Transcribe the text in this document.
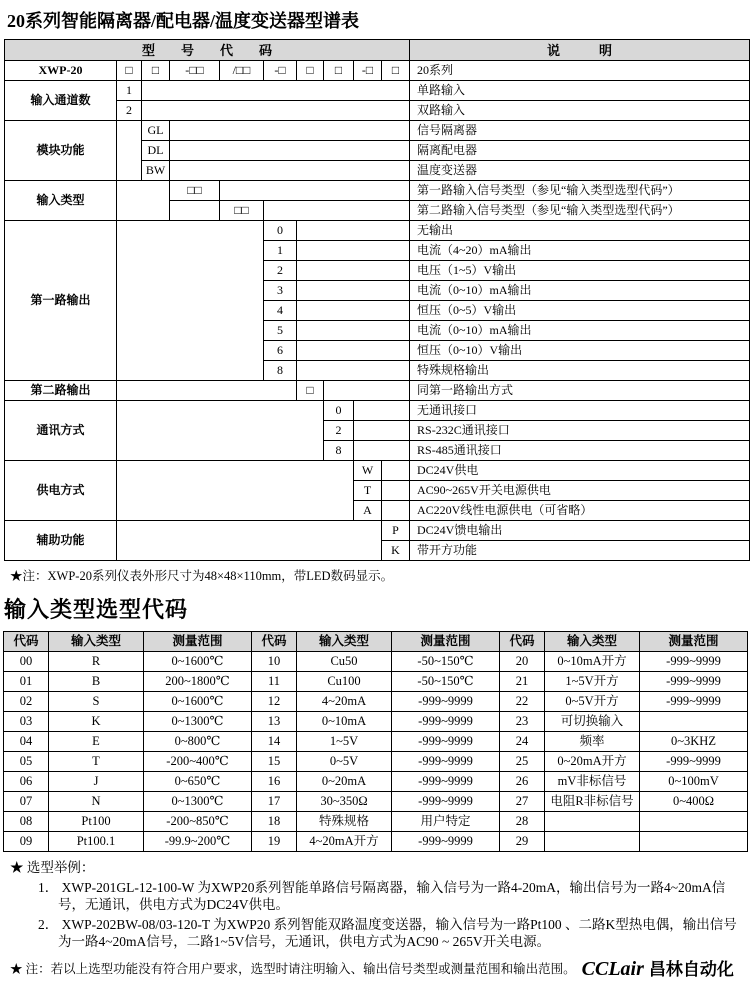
20系列智能隔离器/配电器/温度变送器型谱表
型　　号　　代　　码										说　　　明
XWP-20	□	□	-□□	/□□	-□	□	□	-□	□	20系列
输入通道数	1									单路输入
	2									双路输入
模块功能		GL								信号隔离器
		DL								隔离配电器
		BW								温度变送器
输入类型			□□							第一路输入信号类型（参见“输入类型选型代码”）
				□□						第二路输入信号类型（参见“输入类型选型代码”）
第一路输出					0					无输出
					1					电流（4~20）mA输出
					2					电压（1~5）V输出
					3					电流（0~10）mA输出
					4					恒压（0~5）V输出
					5					电流（0~10）mA输出
					6					恒压（0~10）V输出
					8					特殊规格输出
第二路输出						□				同第一路输出方式
通讯方式							0			无通讯接口
							2			RS-232C通讯接口
							8			RS-485通讯接口
供电方式								W		DC24V供电
								T		AC90~265V开关电源供电
								A		AC220V线性电源供电（可省略）
辅助功能									P	DC24V馈电输出
									K	带开方功能
★注：XWP-20系列仪表外形尺寸为48×48×110mm，带LED数码显示。
输入类型选型代码
代码	输入类型	测量范围	代码	输入类型	测量范围	代码	输入类型	测量范围
00	R	0~1600℃	10	Cu50	-50~150℃	20	0~10mA开方	-999~9999
01	B	200~1800℃	11	Cu100	-50~150℃	21	1~5V开方	-999~9999
02	S	0~1600℃	12	4~20mA	-999~9999	22	0~5V开方	-999~9999
03	K	0~1300℃	13	0~10mA	-999~9999	23	可切换输入	
04	E	0~800℃	14	1~5V	-999~9999	24	频率	0~3KHZ
05	T	-200~400℃	15	0~5V	-999~9999	25	0~20mA开方	-999~9999
06	J	0~650℃	16	0~20mA	-999~9999	26	mV非标信号	0~100mV
07	N	0~1300℃	17	30~350Ω	-999~9999	27	电阻R非标信号	0~400Ω
08	Pt100	-200~850℃	18	特殊规格	用户特定	28		
09	Pt100.1	-99.9~200℃	19	4~20mA开方	-999~9999	29		
★ 选型举例：
1． XWP-201GL-12-100-W 为XWP20系列智能单路信号隔离器，输入信号为一路4-20mA，输出信号为一路4~20mA信号，无通讯，供电方式为DC24V供电。
2． XWP-202BW-08/03-120-T 为XWP20 系列智能双路温度变送器，输入信号为一路Pt100 、二路K型热电偶，输出信号为一路4~20mA信号，二路1~5V信号，无通讯，供电方式为AC90 ~ 265V开关电源。
★ 注：若以上选型功能没有符合用户要求，选型时请注明输入、输出信号类型或测量范围和输出范围。 CCLair 昌林自动化
